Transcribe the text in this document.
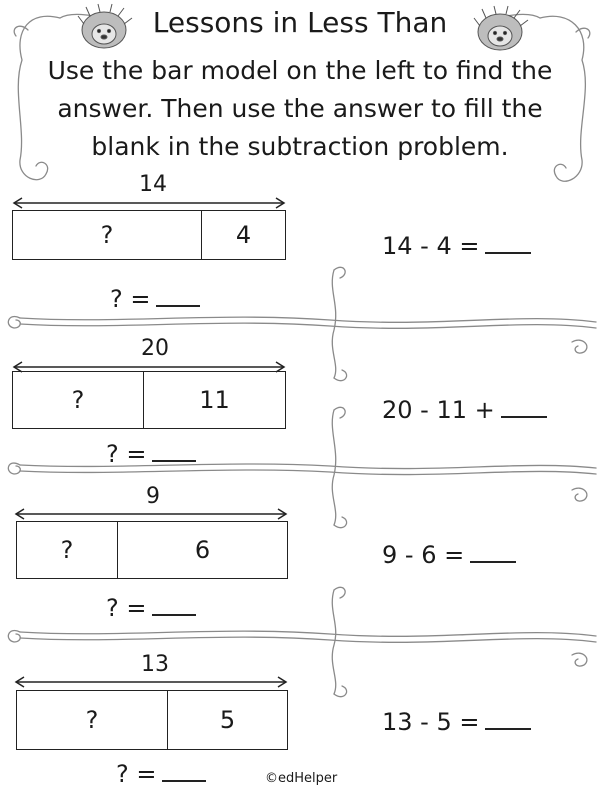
Lessons in Less Than
Use the bar model on the left to find the answer. Then use the answer to fill the blank in the subtraction problem.
14
?	4
? =
14 - 4 =
20
?	11
? =
20 - 11 +
9
?	6
? =
9 - 6 =
13
?	5
? =
13 - 5 =
©edHelper
